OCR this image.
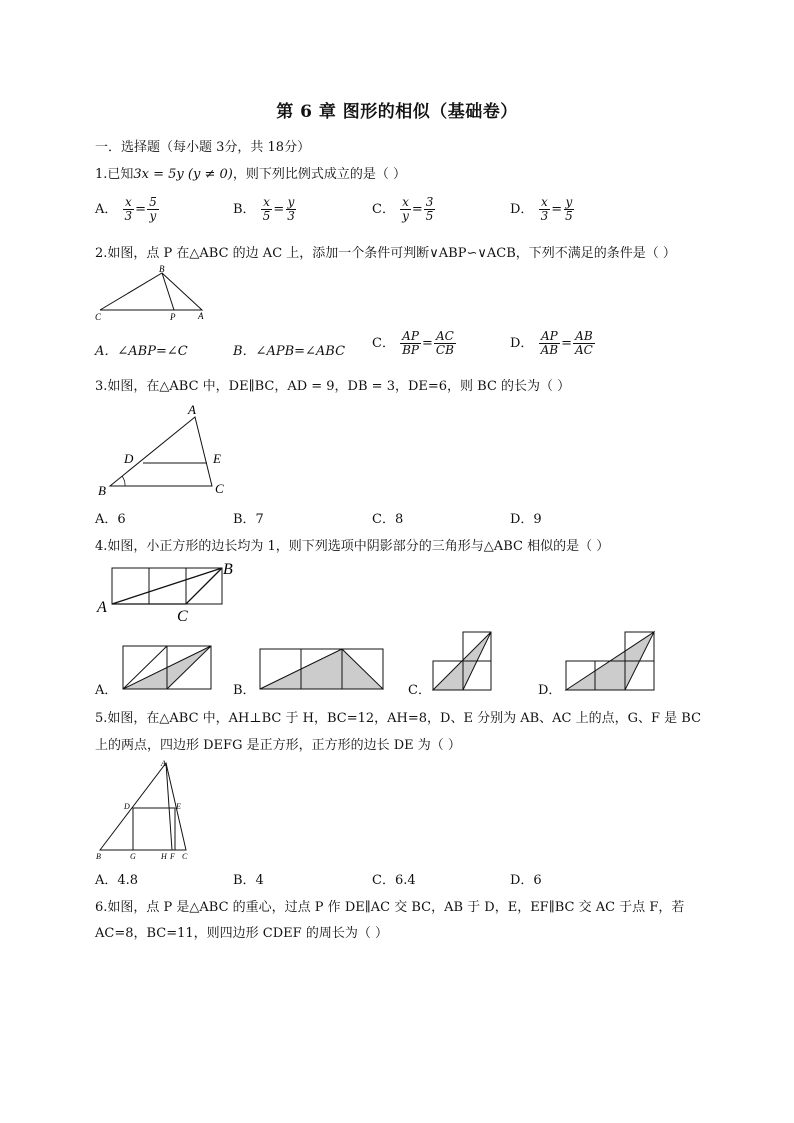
第 6 章 图形的相似（基础卷）
一．选择题（每小题 3分，共 18分）
1.已知3x = 5y (y ≠ 0)，则下列比例式成立的是（ ）
A． $\frac{x}{3} = \frac{5}{y}$	B． $\frac{x}{5} = \frac{y}{3}$	C． $\frac{x}{y} = \frac{3}{5}$	D． $\frac{x}{3} = \frac{y}{5}$
2.如图，点 P 在△ABC 的边 AC 上，添加一个条件可判断∨ABP∽∨ACB，下列不满足的条件是（ ）
B
C	P	A
A．∠ABP=∠C	B．∠APB=∠ABC
C． $\frac{AP}{BP} = \frac{AC}{CB}$	D． $\frac{AP}{AB} = \frac{AB}{AC}$
3.如图，在△ABC 中，DE∥BC，AD = 9，DB = 3，DE=6，则 BC 的长为（ ）
A
D	E
B	C
A．6	B．7	C．8	D．9
4.如图，小正方形的边长均为 1，则下列选项中阴影部分的三角形与△ABC 相似的是（ ）
A
B
C
A．	B．	C．	D．
5.如图，在△ABC 中，AH⊥BC 于 H，BC=12，AH=8，D、E 分别为 AB、AC 上的点，G、F 是 BC
上的两点，四边形 DEFG 是正方形，正方形的边长 DE 为（ ）
A
D	E
B	G	H F C
A．4.8	B．4	C．6.4	D．6
6.如图，点 P 是△ABC 的重心，过点 P 作 DE∥AC 交 BC，AB 于 D，E，EF∥BC 交 AC 于点 F，若
AC=8，BC=11，则四边形 CDEF 的周长为（ ）
